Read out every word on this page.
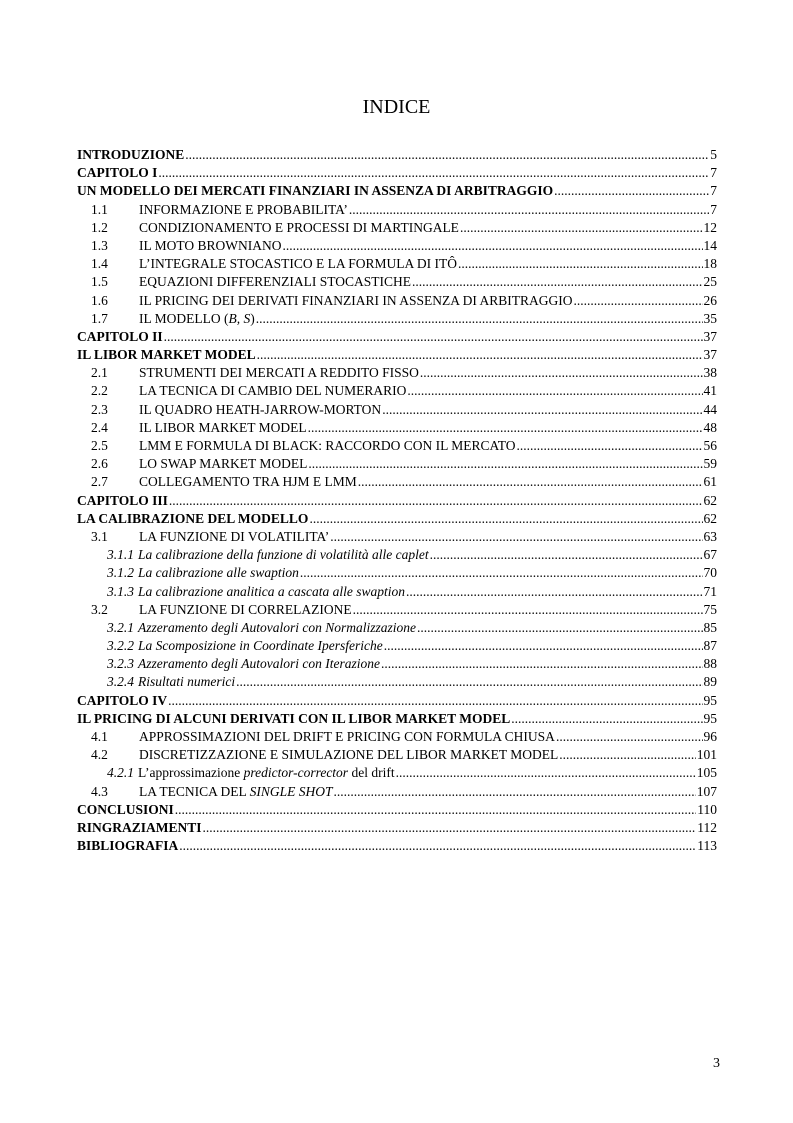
INDICE
INTRODUZIONE .....	5
CAPITOLO I .....	7
UN MODELLO DEI MERCATI FINANZIARI IN ASSENZA DI ARBITRAGGIO .....	7
1.1	INFORMAZIONE E PROBABILITA’ .....	7
1.2	CONDIZIONAMENTO E PROCESSI DI MARTINGALE .....	12
1.3	IL MOTO BROWNIANO .....	14
1.4	L’INTEGRALE STOCASTICO E LA FORMULA DI ITÔ .....	18
1.5	EQUAZIONI DIFFERENZIALI STOCASTICHE .....	25
1.6	IL PRICING DEI DERIVATI FINANZIARI IN ASSENZA DI ARBITRAGGIO .....	26
1.7	IL MODELLO (B, S) .....	35
CAPITOLO II .....	37
IL LIBOR MARKET MODEL .....	37
2.1	STRUMENTI DEI MERCATI A REDDITO FISSO .....	38
2.2	LA TECNICA DI CAMBIO DEL NUMERARIO .....	41
2.3	IL QUADRO HEATH-JARROW-MORTON .....	44
2.4	IL LIBOR MARKET MODEL .....	48
2.5	LMM E FORMULA DI BLACK: RACCORDO CON IL MERCATO .....	56
2.6	LO SWAP MARKET MODEL .....	59
2.7	COLLEGAMENTO TRA HJM E LMM .....	61
CAPITOLO III .....	62
LA CALIBRAZIONE DEL MODELLO .....	62
3.1	LA FUNZIONE DI VOLATILITA’ .....	63
3.1.1 La calibrazione della funzione di volatilità alle caplet .....	67
3.1.2 La calibrazione alle swaption .....	70
3.1.3 La calibrazione analitica a cascata alle swaption .....	71
3.2	LA FUNZIONE DI CORRELAZIONE .....	75
3.2.1 Azzeramento degli Autovalori con Normalizzazione .....	85
3.2.2 La Scomposizione in Coordinate Ipersferiche .....	87
3.2.3 Azzeramento degli Autovalori con Iterazione .....	88
3.2.4 Risultati numerici .....	89
CAPITOLO IV .....	95
IL PRICING DI ALCUNI DERIVATI CON IL LIBOR MARKET MODEL .....	95
4.1	APPROSSIMAZIONI DEL DRIFT E PRICING CON FORMULA CHIUSA .....	96
4.2	DISCRETIZZAZIONE E SIMULAZIONE DEL LIBOR MARKET MODEL .....	101
4.2.1 L’approssimazione predictor-corrector del drift .....	105
4.3	LA TECNICA DEL SINGLE SHOT .....	107
CONCLUSIONI .....	110
RINGRAZIAMENTI .....	112
BIBLIOGRAFIA .....	113
3
